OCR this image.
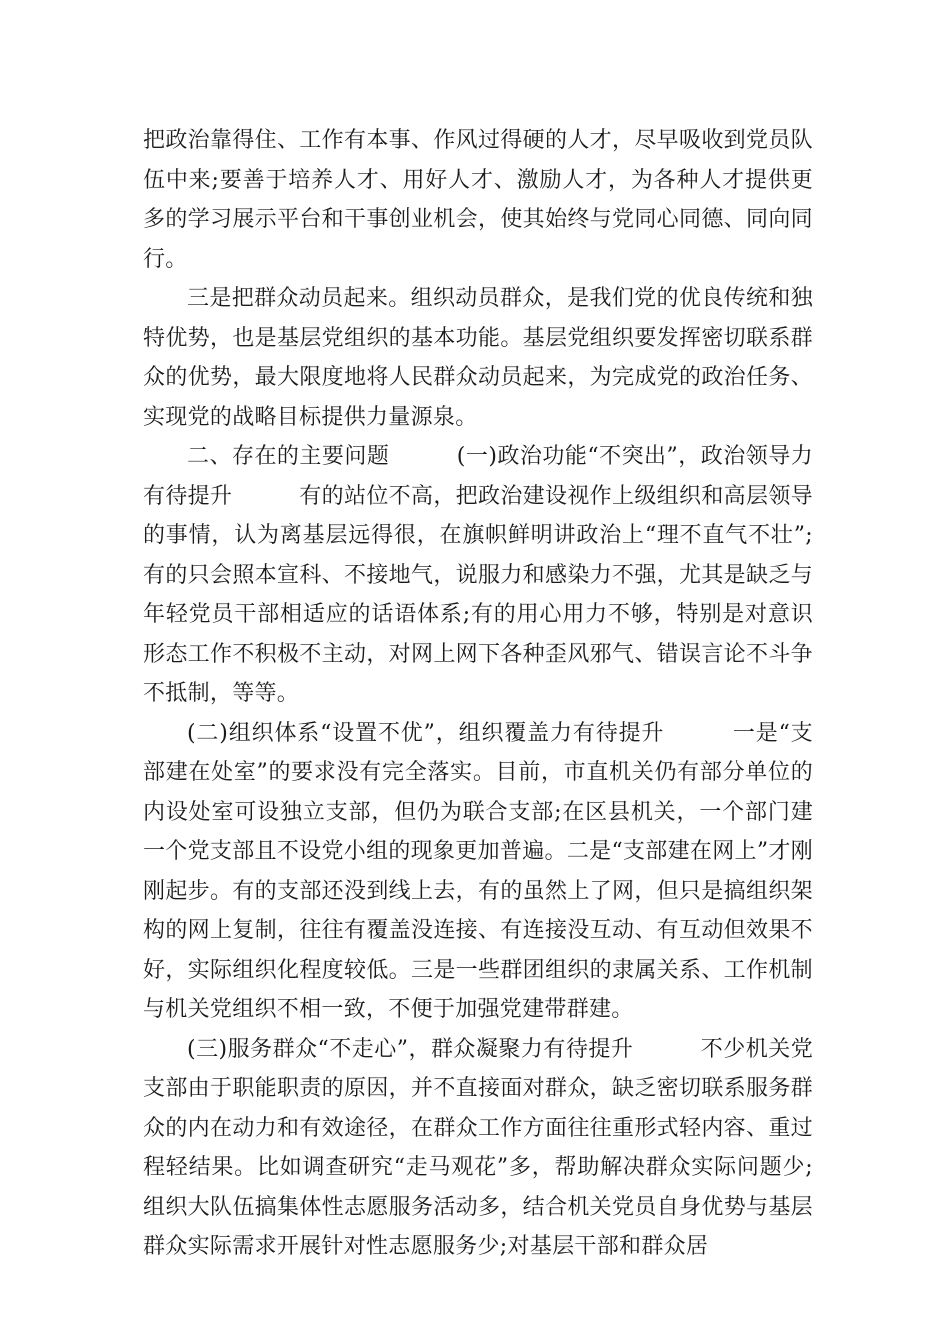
把政治靠得住、工作有本事、作风过得硬的人才，尽早吸收到党员队伍中来;要善于培养人才、用好人才、激励人才，为各种人才提供更多的学习展示平台和干事创业机会，使其始终与党同心同德、同向同行。

三是把群众动员起来。组织动员群众，是我们党的优良传统和独特优势，也是基层党组织的基本功能。基层党组织要发挥密切联系群众的优势，最大限度地将人民群众动员起来，为完成党的政治任务、实现党的战略目标提供力量源泉。

二、存在的主要问题　　　(一)政治功能“不突出”，政治领导力有待提升　　　有的站位不高，把政治建设视作上级组织和高层领导的事情，认为离基层远得很，在旗帜鲜明讲政治上“理不直气不壮”;有的只会照本宣科、不接地气，说服力和感染力不强，尤其是缺乏与年轻党员干部相适应的话语体系;有的用心用力不够，特别是对意识形态工作不积极不主动，对网上网下各种歪风邪气、错误言论不斗争不抵制，等等。

(二)组织体系“设置不优”，组织覆盖力有待提升　　　一是“支部建在处室”的要求没有完全落实。目前，市直机关仍有部分单位的内设处室可设独立支部，但仍为联合支部;在区县机关，一个部门建一个党支部且不设党小组的现象更加普遍。二是“支部建在网上”才刚刚起步。有的支部还没到线上去，有的虽然上了网，但只是搞组织架构的网上复制，往往有覆盖没连接、有连接没互动、有互动但效果不好，实际组织化程度较低。三是一些群团组织的隶属关系、工作机制与机关党组织不相一致，不便于加强党建带群建。

(三)服务群众“不走心”，群众凝聚力有待提升　　　不少机关党支部由于职能职责的原因，并不直接面对群众，缺乏密切联系服务群众的内在动力和有效途径，在群众工作方面往往重形式轻内容、重过程轻结果。比如调查研究“走马观花”多，帮助解决群众实际问题少;组织大队伍搞集体性志愿服务活动多，结合机关党员自身优势与基层群众实际需求开展针对性志愿服务少;对基层干部和群众居
